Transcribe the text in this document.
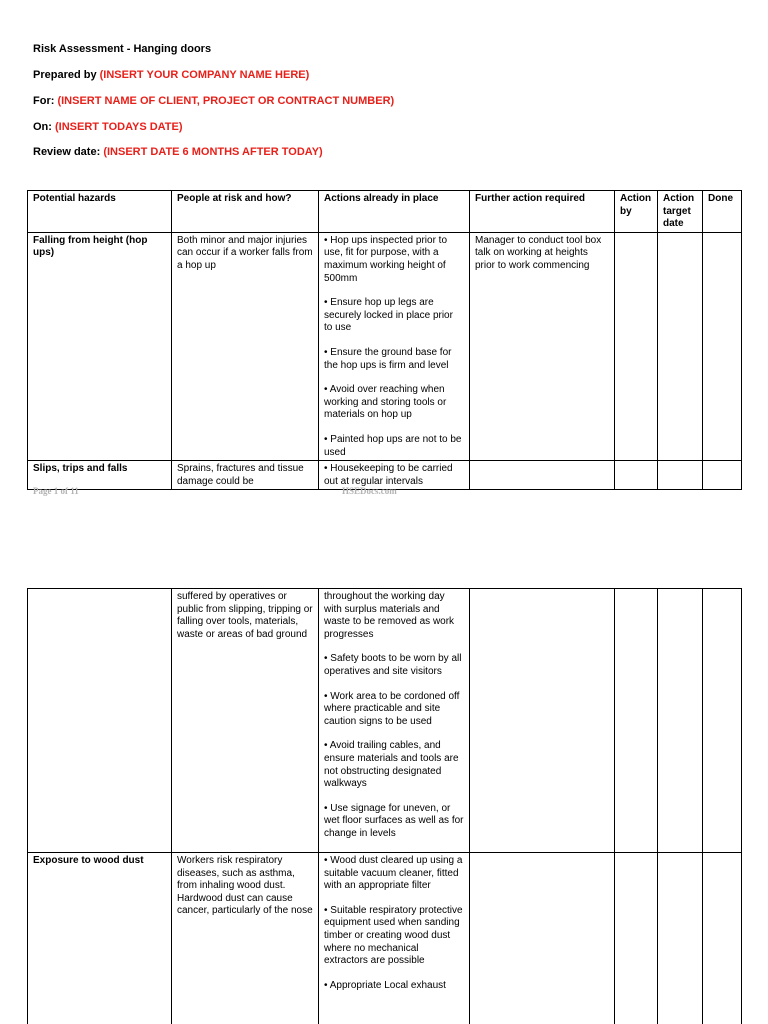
Risk Assessment - Hanging doors
Prepared by (INSERT YOUR COMPANY NAME HERE)
For: (INSERT NAME OF CLIENT, PROJECT OR CONTRACT NUMBER)
On: (INSERT TODAYS DATE)
Review date: (INSERT DATE 6 MONTHS AFTER TODAY)
Potential hazards	People at risk and how?	Actions already in place	Further action required	Action by	Action target date	Done
Falling from height (hop ups)	Both minor and major injuries can occur if a worker falls from a hop up	• Hop ups inspected prior to use, fit for purpose, with a maximum working height of 500mm

• Ensure hop up legs are securely locked in place prior to use

• Ensure the ground base for the hop ups is firm and level

• Avoid over reaching when working and storing tools or materials on hop up

• Painted hop ups are not to be used	Manager to conduct tool box talk on working at heights prior to work commencing			
Slips, trips and falls	Sprains, fractures and tissue damage could be	• Housekeeping to be carried out at regular intervals				

Page 1 of 11	HSEDocs.com
	suffered by operatives or public from slipping, tripping or falling over tools, materials, waste or areas of bad ground	throughout the working day with surplus materials and waste to be removed as work progresses

• Safety boots to be worn by all operatives and site visitors

• Work area to be cordoned off where practicable and site caution signs to be used

• Avoid trailing cables, and ensure materials and tools are not obstructing designated walkways

• Use signage for uneven, or wet floor surfaces as well as for change in levels				

Exposure to wood dust	Workers risk respiratory diseases, such as asthma, from inhaling wood dust. Hardwood dust can cause cancer, particularly of the nose	• Wood dust cleared up using a suitable vacuum cleaner, fitted with an appropriate filter

• Suitable respiratory protective equipment used when sanding timber or creating wood dust where no mechanical extractors are possible

• Appropriate Local exhaust				
